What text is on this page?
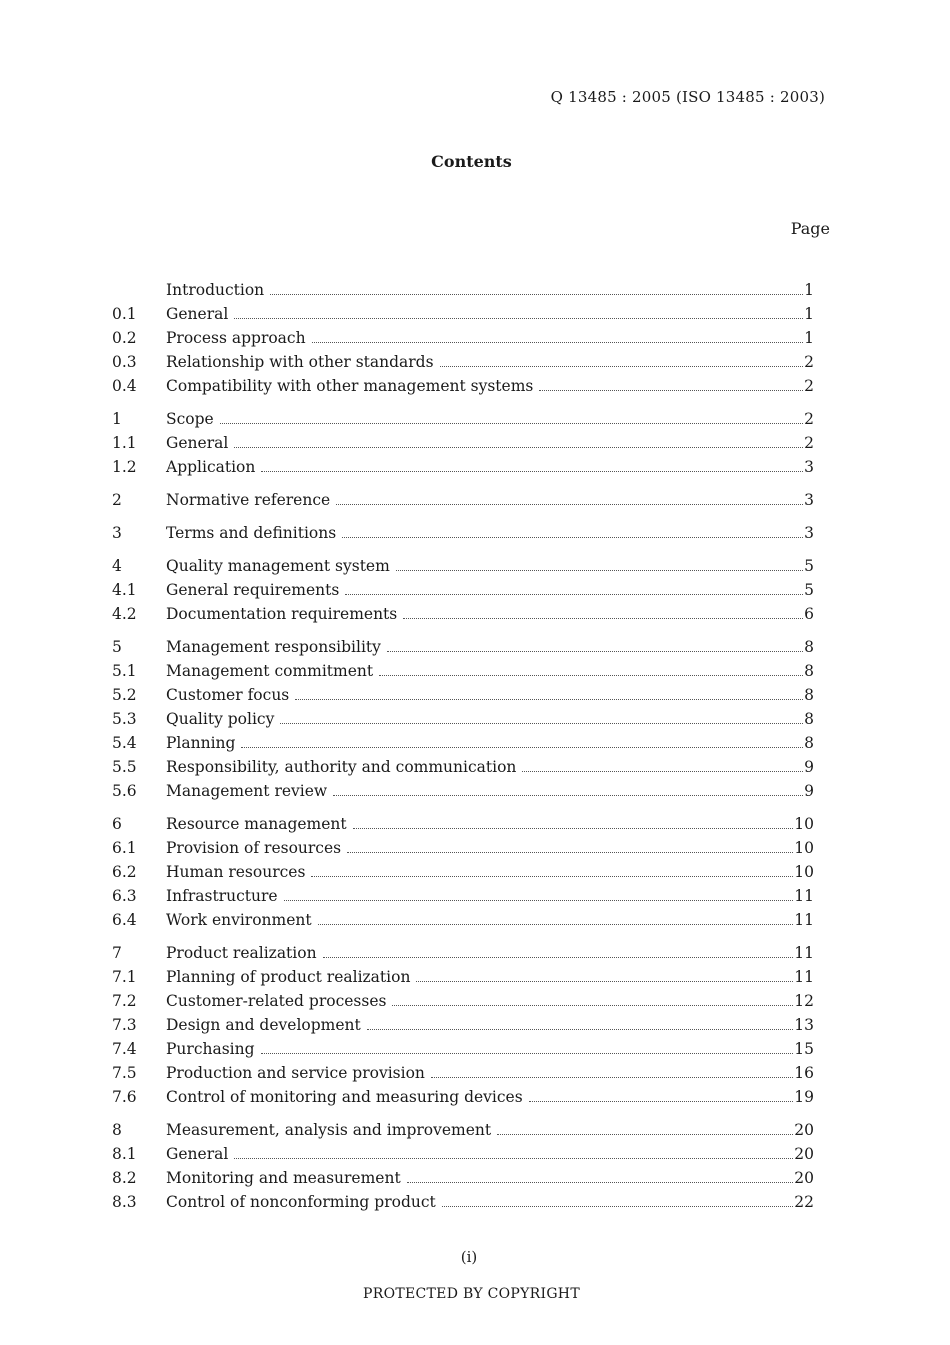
Q 13485 : 2005 (ISO 13485 : 2003)
Contents
Page
Introduction	1
0.1	General	1
0.2	Process approach	1
0.3	Relationship with other standards	2
0.4	Compatibility with other management systems	2
1	Scope	2
1.1	General	2
1.2	Application	3
2	Normative reference	3
3	Terms and definitions	3
4	Quality management system	5
4.1	General requirements	5
4.2	Documentation requirements	6
5	Management responsibility	8
5.1	Management commitment	8
5.2	Customer focus	8
5.3	Quality policy	8
5.4	Planning	8
5.5	Responsibility, authority and communication	9
5.6	Management review	9
6	Resource management	10
6.1	Provision of resources	10
6.2	Human resources	10
6.3	Infrastructure	11
6.4	Work environment	11
7	Product realization	11
7.1	Planning of product realization	11
7.2	Customer-related processes	12
7.3	Design and development	13
7.4	Purchasing	15
7.5	Production and service provision	16
7.6	Control of monitoring and measuring devices	19
8	Measurement, analysis and improvement	20
8.1	General	20
8.2	Monitoring and measurement	20
8.3	Control of nonconforming product	22
(i)
PROTECTED BY COPYRIGHT
